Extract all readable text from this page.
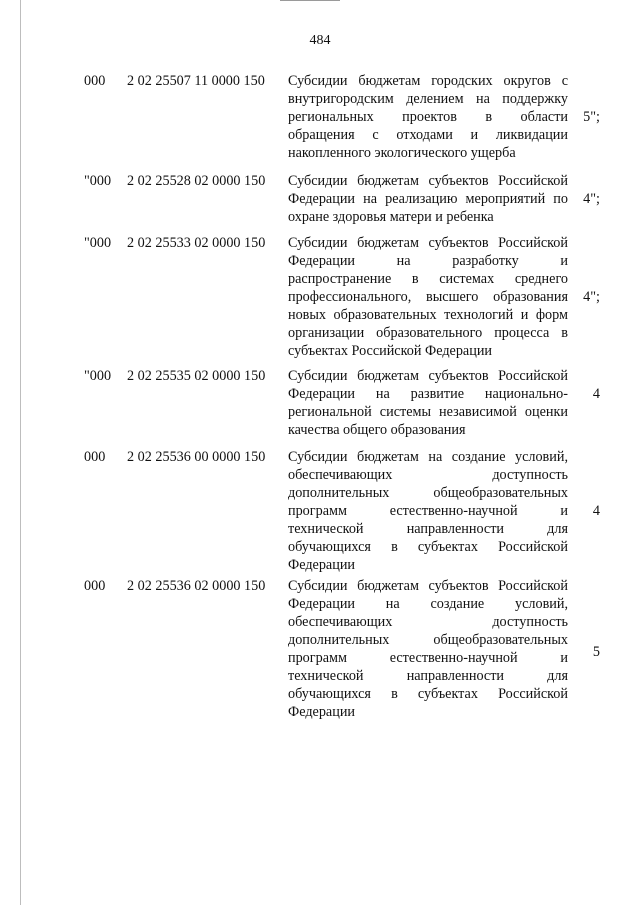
484
000 2 02 25507 11 0000 150 Субсидии бюджетам городских округов с
внутригородским делением на поддержку
региональных проектов в области
обращения с отходами и ликвидации
накопленного экологического ущерба
5";
"000 2 02 25528 02 0000 150 Субсидии бюджетам субъектов Российской
Федерации на реализацию мероприятий по
охране здоровья матери и ребенка
4";
"000 2 02 25533 02 0000 150 Субсидии бюджетам субъектов Российской
Федерации на разработку и
распространение в системах среднего
профессионального, высшего образования
новых образовательных технологий и форм
организации образовательного процесса в
субъектах Российской Федерации
4";
"000 2 02 25535 02 0000 150 Субсидии бюджетам субъектов Российской
Федерации на развитие национально-
региональной системы независимой оценки
качества общего образования
4
000 2 02 25536 00 0000 150 Субсидии бюджетам на создание условий,
обеспечивающих доступность
дополнительных общеобразовательных
программ естественно-научной и
технической направленности для
обучающихся в субъектах Российской
Федерации
4
000 2 02 25536 02 0000 150 Субсидии бюджетам субъектов Российской
Федерации на создание условий,
обеспечивающих доступность
дополнительных общеобразовательных
программ естественно-научной и
технической направленности для
обучающихся в субъектах Российской
Федерации
5
